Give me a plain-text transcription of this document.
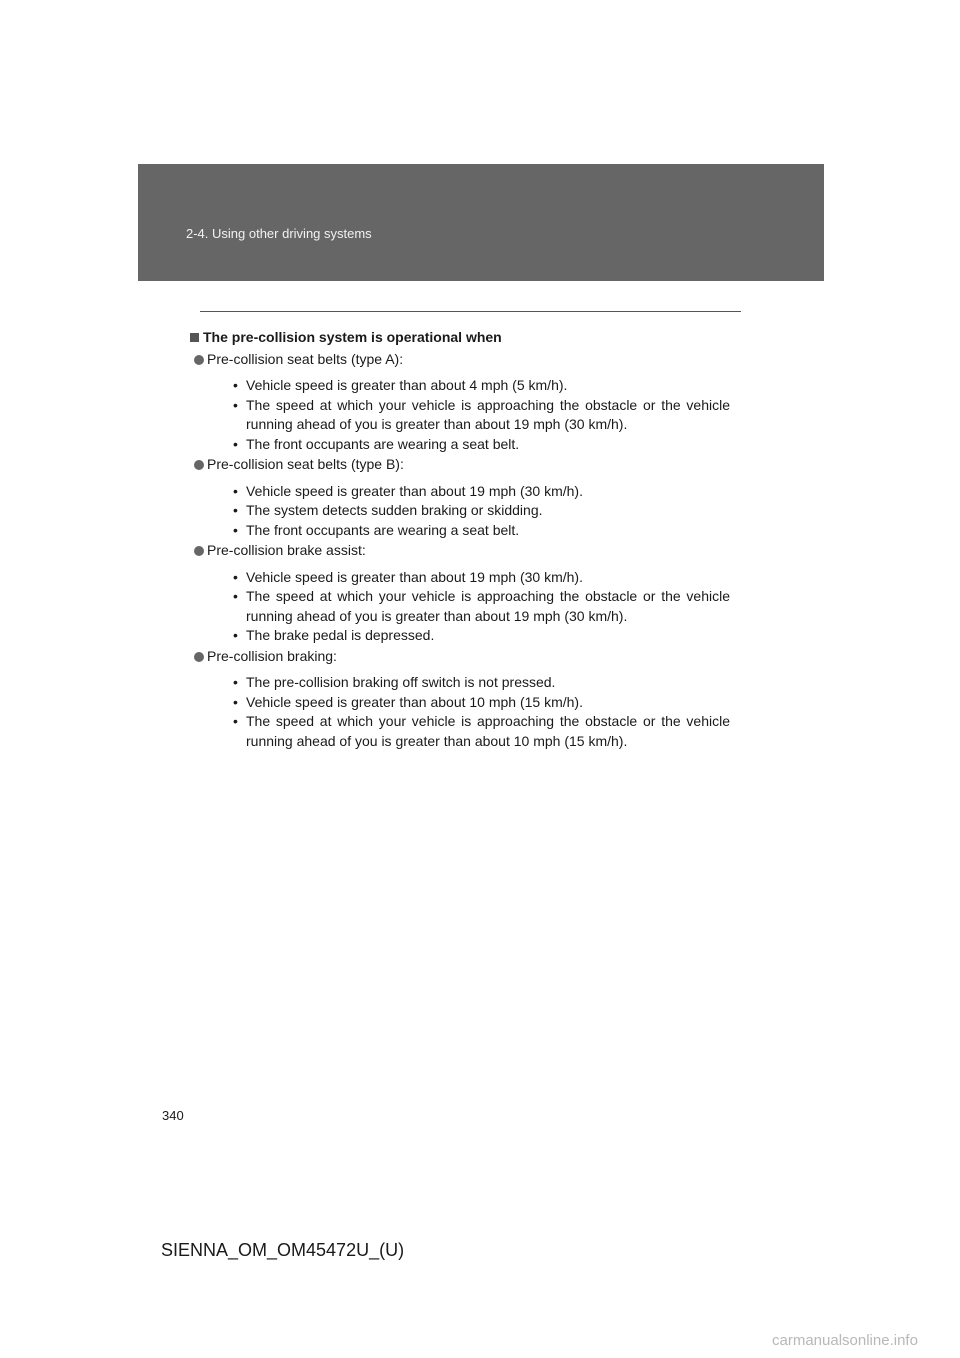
2-4. Using other driving systems
The pre-collision system is operational when
Pre-collision seat belts (type A):
• Vehicle speed is greater than about 4 mph (5 km/h).
• The speed at which your vehicle is approaching the obstacle or the vehicle running ahead of you is greater than about 19 mph (30 km/h).
• The front occupants are wearing a seat belt.
Pre-collision seat belts (type B):
• Vehicle speed is greater than about 19 mph (30 km/h).
• The system detects sudden braking or skidding.
• The front occupants are wearing a seat belt.
Pre-collision brake assist:
• Vehicle speed is greater than about 19 mph (30 km/h).
• The speed at which your vehicle is approaching the obstacle or the vehicle running ahead of you is greater than about 19 mph (30 km/h).
• The brake pedal is depressed.
Pre-collision braking:
• The pre-collision braking off switch is not pressed.
• Vehicle speed is greater than about 10 mph (15 km/h).
• The speed at which your vehicle is approaching the obstacle or the vehicle running ahead of you is greater than about 10 mph (15 km/h).
340
SIENNA_OM_OM45472U_(U)
carmanualsonline.info
